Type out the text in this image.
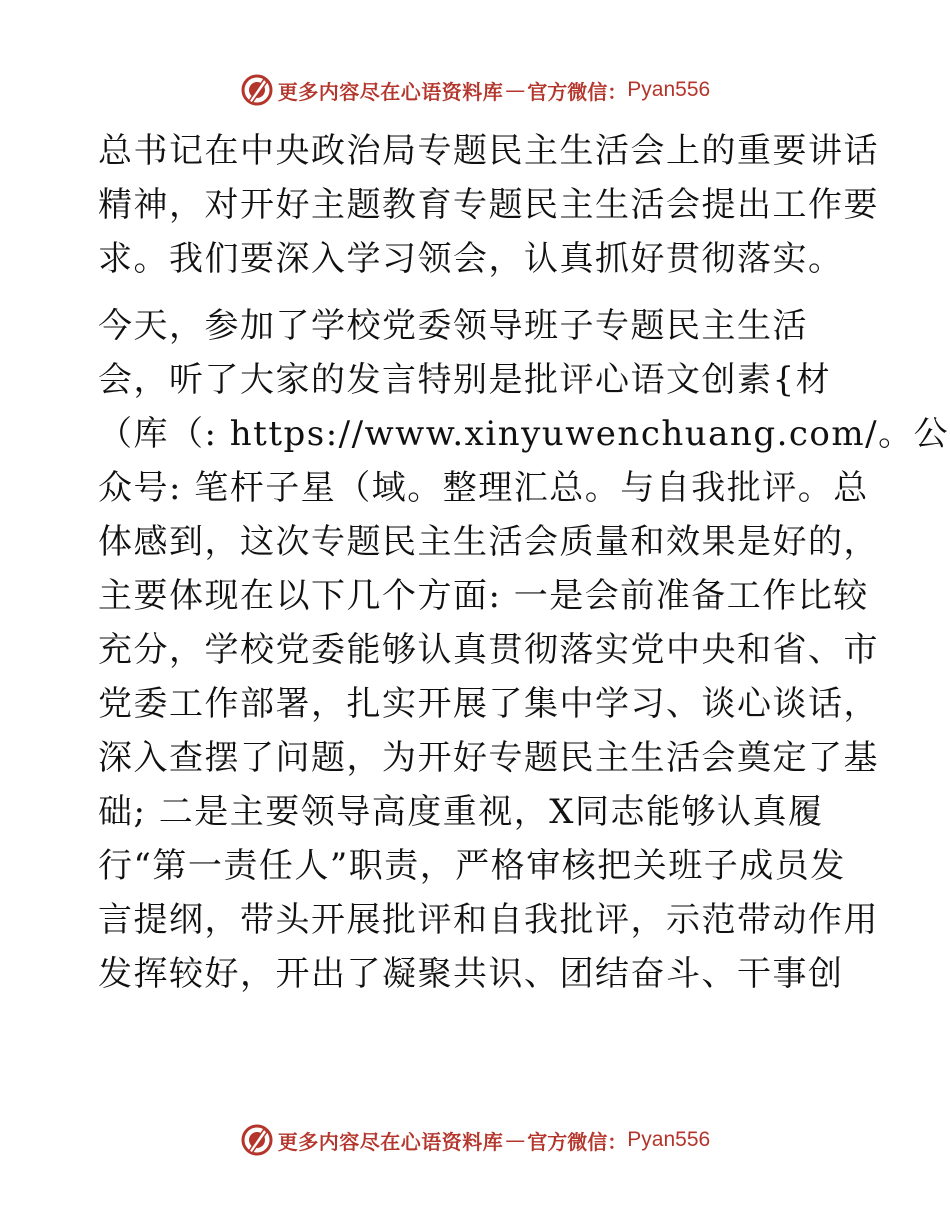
更多内容尽在心语资料库 — 官方微信： Pyan556
总书记在中央政治局专题民主生活会上的重要讲话
精神，对开好主题教育专题民主生活会提出工作要
求。我们要深入学习领会，认真抓好贯彻落实。
今天，参加了学校党委领导班子专题民主生活
会，听了大家的发言特别是批评心语文创素{材
（库（: https://www.xinyuwenchuang.com/。公
众号: 笔杆子星（域。整理汇总。与自我批评。总
体感到，这次专题民主生活会质量和效果是好的，
主要体现在以下几个方面: 一是会前准备工作比较
充分，学校党委能够认真贯彻落实党中央和省、市
党委工作部署，扎实开展了集中学习、谈心谈话，
深入查摆了问题，为开好专题民主生活会奠定了基
础; 二是主要领导高度重视，X同志能够认真履
行“第一责任人”职责，严格审核把关班子成员发
言提纲，带头开展批评和自我批评，示范带动作用
发挥较好，开出了凝聚共识、团结奋斗、干事创
更多内容尽在心语资料库 — 官方微信： Pyan556
